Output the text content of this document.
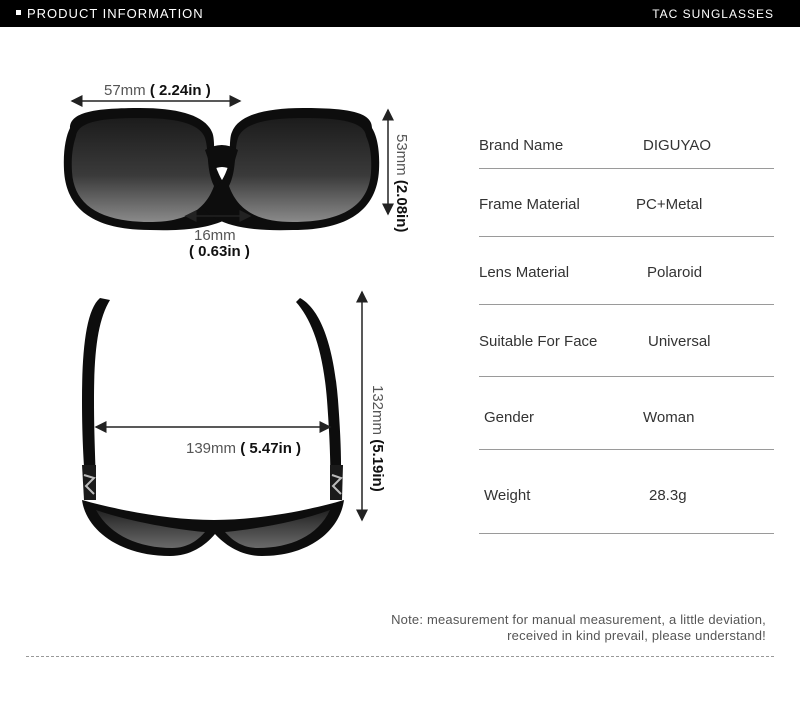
PRODUCT INFORMATION	TAC SUNGLASSES
57mm ( 2.24in )
16mm
( 0.63in )
53mm (2.08in)
139mm ( 5.47in )
132mm (5.19in)
Brand Name	DIGUYAO
Frame Material	PC+Metal
Lens Material	Polaroid
Suitable For Face	Universal
Gender	Woman
Weight	28.3g
Note: measurement for manual measurement, a little deviation,
received in kind prevail, please understand!
